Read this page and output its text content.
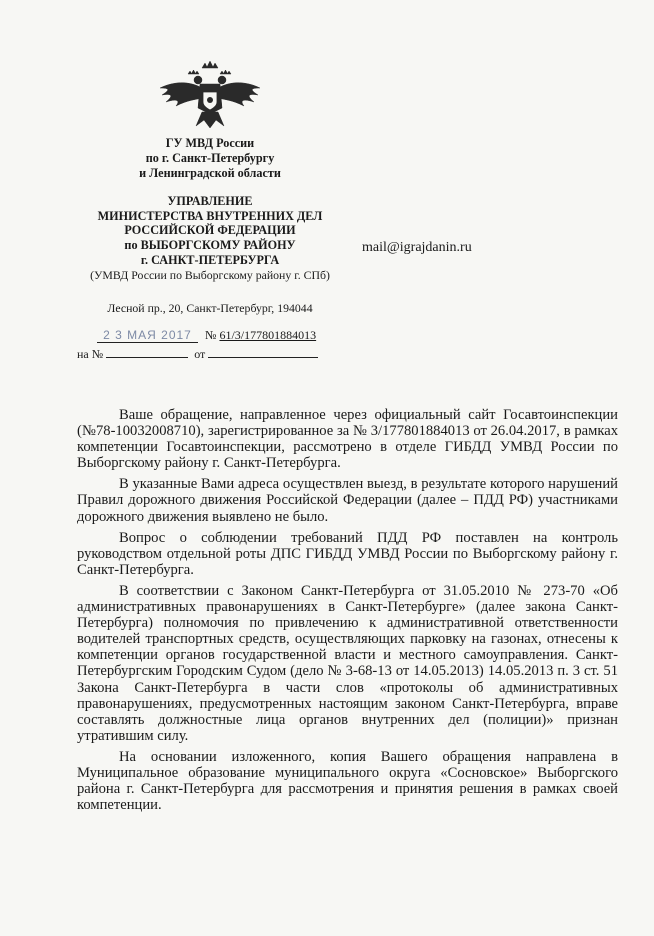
ГУ МВД России
по г. Санкт-Петербургу
и Ленинградской области
УПРАВЛЕНИЕ
МИНИСТЕРСТВА ВНУТРЕННИХ ДЕЛ
РОССИЙСКОЙ ФЕДЕРАЦИИ
по ВЫБОРГСКОМУ РАЙОНУ
г. САНКТ-ПЕТЕРБУРГА
(УМВД России по Выборгскому району г. СПб)
Лесной пр., 20, Санкт-Петербург, 194044
mail@igrajdanin.ru
2 3 МАЯ 2017	№ 61/3/177801884013
на №	от

Ваше обращение, направленное через официальный сайт Госавтоинспекции (№78-10032008710), зарегистрированное за № 3/177801884013 от 26.04.2017, в рамках компетенции Госавтоинспекции, рассмотрено в отделе ГИБДД УМВД России по Выборгскому району г. Санкт-Петербурга.

В указанные Вами адреса осуществлен выезд, в результате которого нарушений Правил дорожного движения Российской Федерации (далее – ПДД РФ) участниками дорожного движения выявлено не было.

Вопрос о соблюдении требований ПДД РФ поставлен на контроль руководством отдельной роты ДПС ГИБДД УМВД России по Выборгскому району г. Санкт-Петербурга.

В соответствии с Законом Санкт-Петербурга от 31.05.2010 № 273-70 «Об административных правонарушениях в Санкт-Петербурге» (далее закона Санкт-Петербурга) полномочия по привлечению к административной ответственности водителей транспортных средств, осуществляющих парковку на газонах, отнесены к компетенции органов государственной власти и местного самоуправления. Санкт-Петербургским Городским Судом (дело № 3-68-13 от 14.05.2013) 14.05.2013 п. 3 ст. 51 Закона Санкт-Петербурга в части слов «протоколы об административных правонарушениях, предусмотренных настоящим законом Санкт-Петербурга, вправе составлять должностные лица органов внутренних дел (полиции)» признан утратившим силу.

На основании изложенного, копия Вашего обращения направлена в Муниципальное образование муниципального округа «Сосновское» Выборгского района г. Санкт-Петербурга для рассмотрения и принятия решения в рамках своей компетенции.
